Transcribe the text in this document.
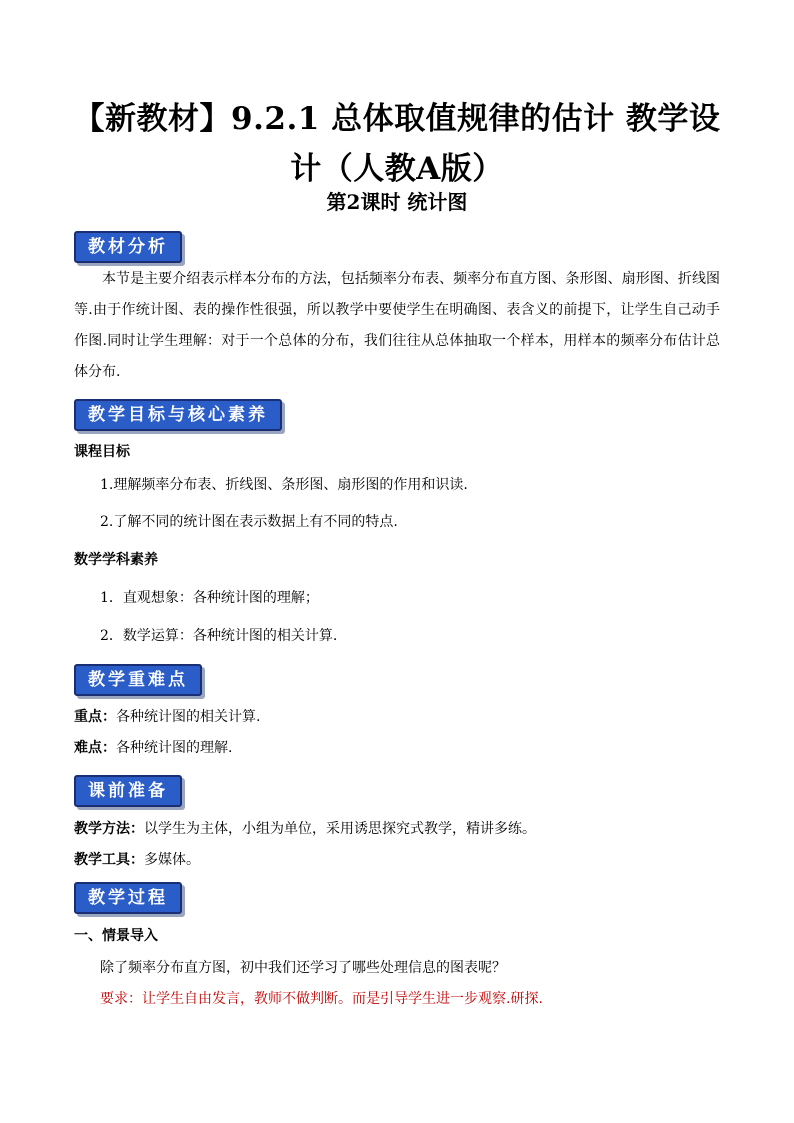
【新教材】9.2.1 总体取值规律的估计 教学设计（人教A版）
第2课时 统计图
教材分析
本节是主要介绍表示样本分布的方法，包括频率分布表、频率分布直方图、条形图、扇形图、折线图等.由于作统计图、表的操作性很强，所以教学中要使学生在明确图、表含义的前提下，让学生自己动手作图.同时让学生理解：对于一个总体的分布，我们往往从总体抽取一个样本，用样本的频率分布估计总体分布.
教学目标与核心素养
课程目标
1.理解频率分布表、折线图、条形图、扇形图的作用和识读.
2.了解不同的统计图在表示数据上有不同的特点.
数学学科素养
1．直观想象：各种统计图的理解；
2．数学运算：各种统计图的相关计算.
教学重难点
重点：各种统计图的相关计算.
难点：各种统计图的理解.
课前准备
教学方法：以学生为主体，小组为单位，采用诱思探究式教学，精讲多练。
教学工具：多媒体。
教学过程
一、情景导入
除了频率分布直方图，初中我们还学习了哪些处理信息的图表呢？
要求：让学生自由发言，教师不做判断。而是引导学生进一步观察.研探.
